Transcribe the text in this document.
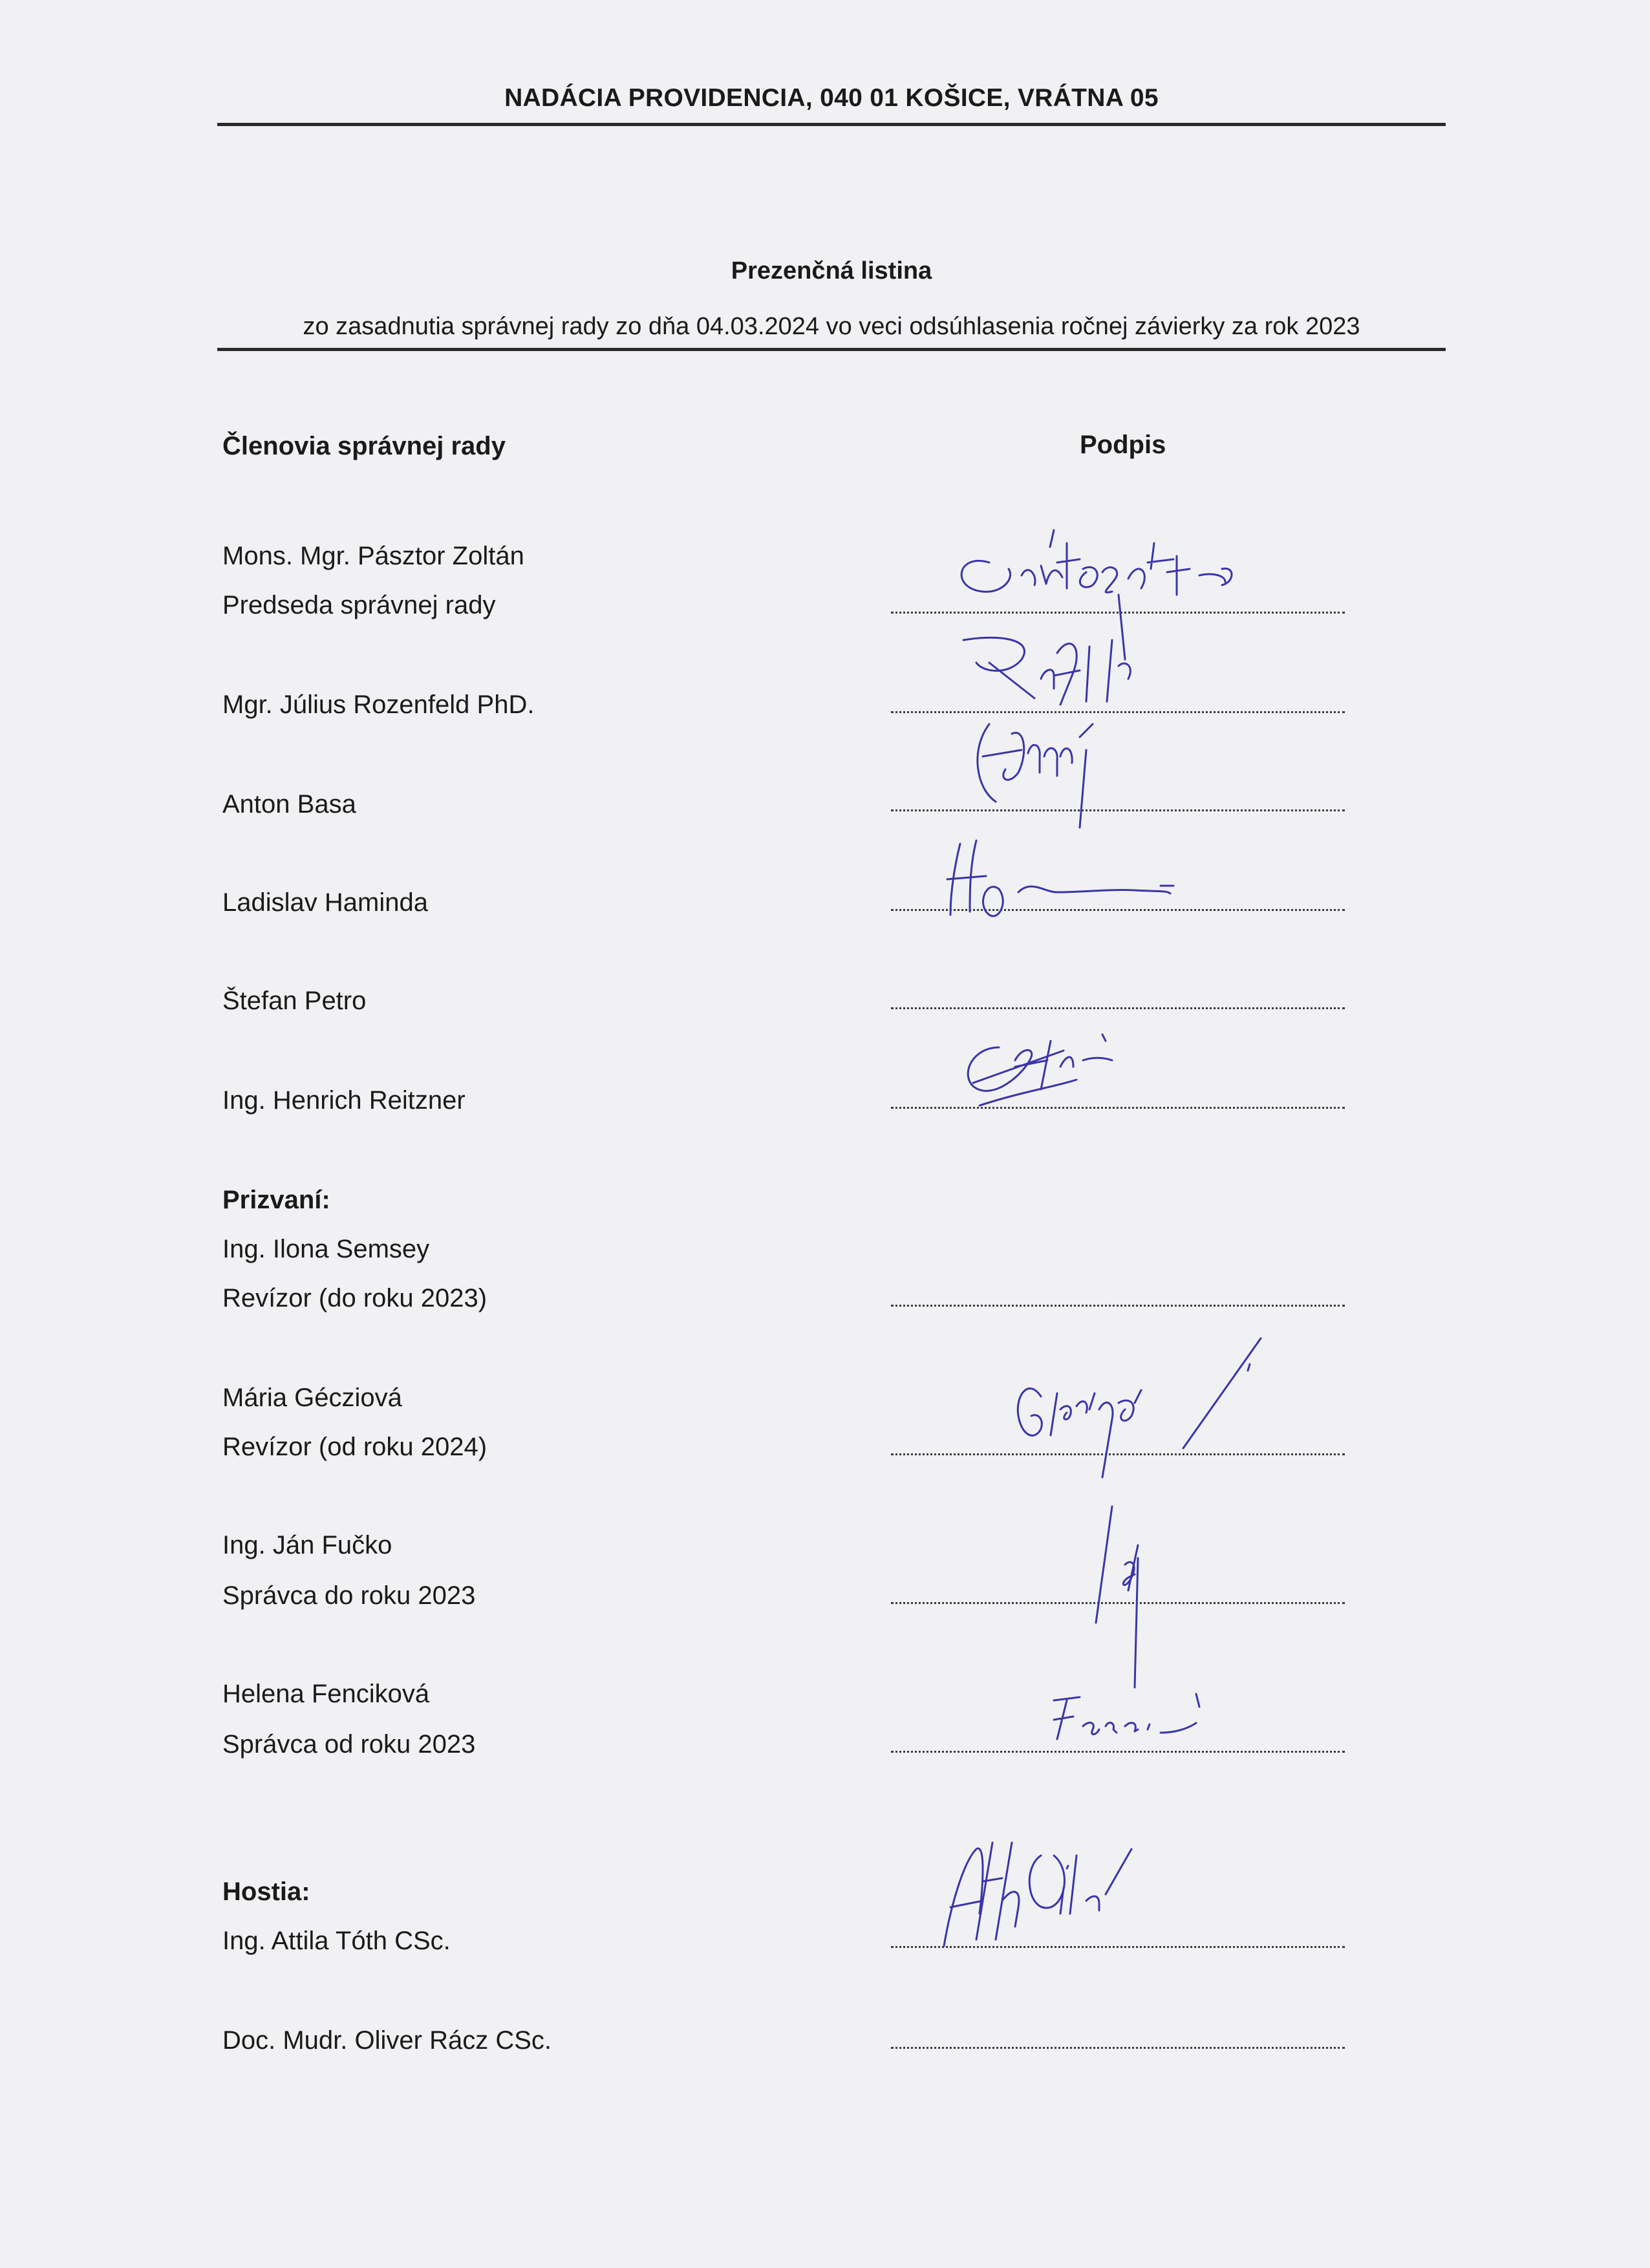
NADÁCIA PROVIDENCIA, 040 01 KOŠICE, VRÁTNA 05
Prezenčná listina
zo zasadnutia správnej rady zo dňa 04.03.2024 vo veci odsúhlasenia ročnej závierky za rok 2023
Členovia správnej rady	Podpis
Mons. Mgr. Pásztor Zoltán
Predseda správnej rady
Mgr. Július Rozenfeld PhD.
Anton Basa
Ladislav Haminda
Štefan Petro
Ing. Henrich Reitzner
Prizvaní:
Ing. Ilona Semsey
Revízor (do roku 2023)
Mária Gécziová
Revízor (od roku 2024)
Ing. Ján Fučko
Správca do roku 2023
Helena Fenciková
Správca od roku 2023
Hostia:
Ing. Attila Tóth CSc.
Doc. Mudr. Oliver Rácz CSc.
